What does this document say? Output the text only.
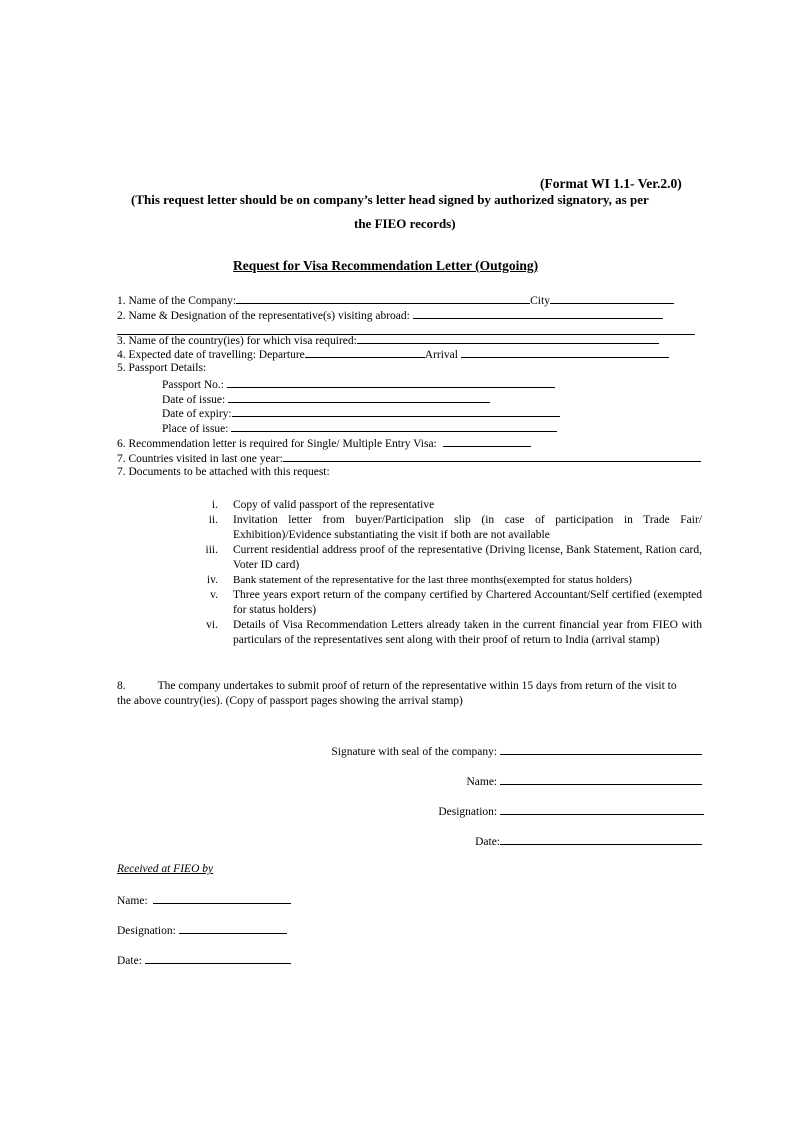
(Format WI 1.1- Ver.2.0)
(This request letter should be on company’s letter head signed by authorized signatory, as per
the FIEO records)
Request for Visa Recommendation Letter (Outgoing)
1. Name of the Company:	City
2. Name & Designation of the representative(s) visiting abroad:
3. Name of the country(ies) for which visa required:
4. Expected date of travelling: Departure	Arrival
5. Passport Details:
Passport No.:
Date of issue:
Date of expiry:
Place of issue:
6. Recommendation letter is required for Single/ Multiple Entry Visa:
7. Countries visited in last one year:
7. Documents to be attached with this request:
i. Copy of valid passport of the representative
ii. Invitation letter from buyer/Participation slip (in case of participation in Trade Fair/ Exhibition)/Evidence substantiating the visit if both are not available
iii. Current residential address proof of the representative (Driving license, Bank Statement, Ration card, Voter ID card)
iv. Bank statement of the representative for the last three months(exempted for status holders)
v. Three years export return of the company certified by Chartered Accountant/Self certified (exempted for status holders)
vi. Details of Visa Recommendation Letters already taken in the current financial year from FIEO with particulars of the representatives sent along with their proof of return to India (arrival stamp)
8.	The company undertakes to submit proof of return of the representative within 15 days from return of the visit to the above country(ies). (Copy of passport pages showing the arrival stamp)
Signature with seal of the company:
Name:
Designation:
Date:
Received at FIEO by
Name:
Designation:
Date:
